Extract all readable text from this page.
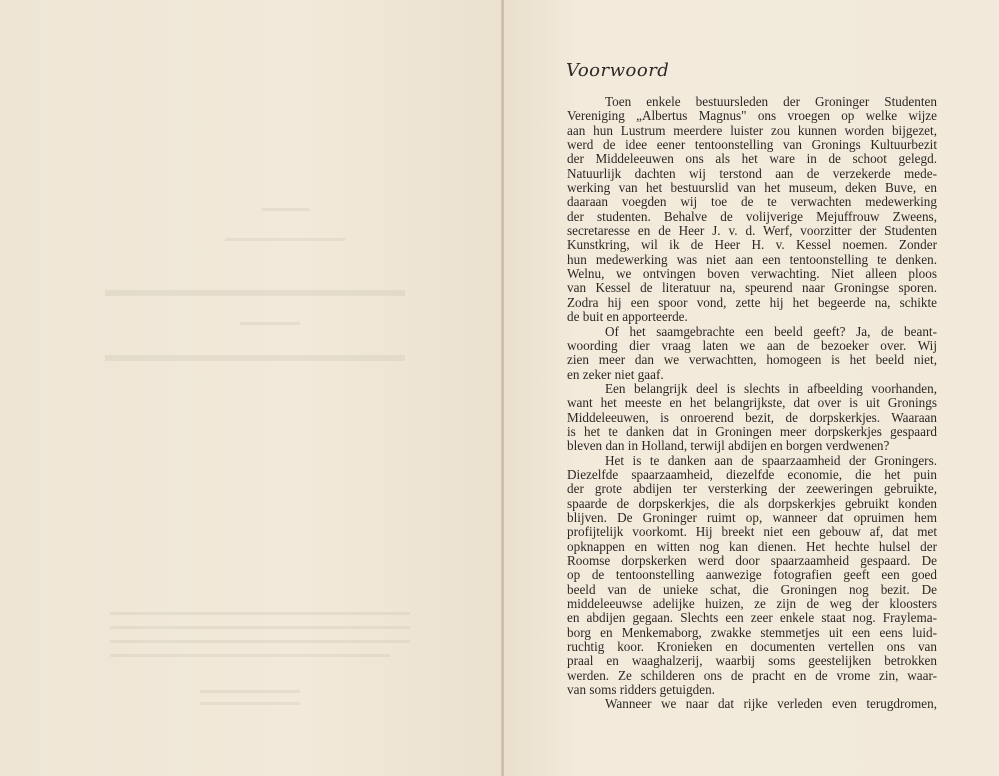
Voorwoord

Toen enkele bestuursleden der Groninger Studenten

Vereniging „Albertus Magnus" ons vroegen op welke wijze

aan hun Lustrum meerdere luister zou kunnen worden bijgezet,

werd de idee eener tentoonstelling van Gronings Kultuurbezit

der Middeleeuwen ons als het ware in de schoot gelegd.

Natuurlijk dachten wij terstond aan de verzekerde mede-

werking van het bestuurslid van het museum, deken Buve, en

daaraan voegden wij toe de te verwachten medewerking

der studenten. Behalve de volijverige Mejuffrouw Zweens,

secretaresse en de Heer J. v. d. Werf, voorzitter der Studenten

Kunstkring, wil ik de Heer H. v. Kessel noemen. Zonder

hun medewerking was niet aan een tentoonstelling te denken.

Welnu, we ontvingen boven verwachting. Niet alleen ploos

van Kessel de literatuur na, speurend naar Groningse sporen.

Zodra hij een spoor vond, zette hij het begeerde na, schikte

de buit en apporteerde.

Of het saamgebrachte een beeld geeft? Ja, de beant-

woording dier vraag laten we aan de bezoeker over. Wij

zien meer dan we verwachtten, homogeen is het beeld niet,

en zeker niet gaaf.

Een belangrijk deel is slechts in afbeelding voorhanden,

want het meeste en het belangrijkste, dat over is uit Gronings

Middeleeuwen, is onroerend bezit, de dorpskerkjes. Waaraan

is het te danken dat in Groningen meer dorpskerkjes gespaard

bleven dan in Holland, terwijl abdijen en borgen verdwenen?

Het is te danken aan de spaarzaamheid der Groningers.

Diezelfde spaarzaamheid, diezelfde economie, die het puin

der grote abdijen ter versterking der zeeweringen gebruikte,

spaarde de dorpskerkjes, die als dorpskerkjes gebruikt konden

blijven. De Groninger ruimt op, wanneer dat opruimen hem

profijtelijk voorkomt. Hij breekt niet een gebouw af, dat met

opknappen en witten nog kan dienen. Het hechte hulsel der

Roomse dorpskerken werd door spaarzaamheid gespaard. De

op de tentoonstelling aanwezige fotografien geeft een goed

beeld van de unieke schat, die Groningen nog bezit. De

middeleeuwse adelijke huizen, ze zijn de weg der kloosters

en abdijen gegaan. Slechts een zeer enkele staat nog. Fraylema-

borg en Menkemaborg, zwakke stemmetjes uit een eens luid-

ruchtig koor. Kronieken en documenten vertellen ons van

praal en waaghalzerij, waarbij soms geestelijken betrokken

werden. Ze schilderen ons de pracht en de vrome zin, waar-

van soms ridders getuigden.

Wanneer we naar dat rijke verleden even terugdromen,
